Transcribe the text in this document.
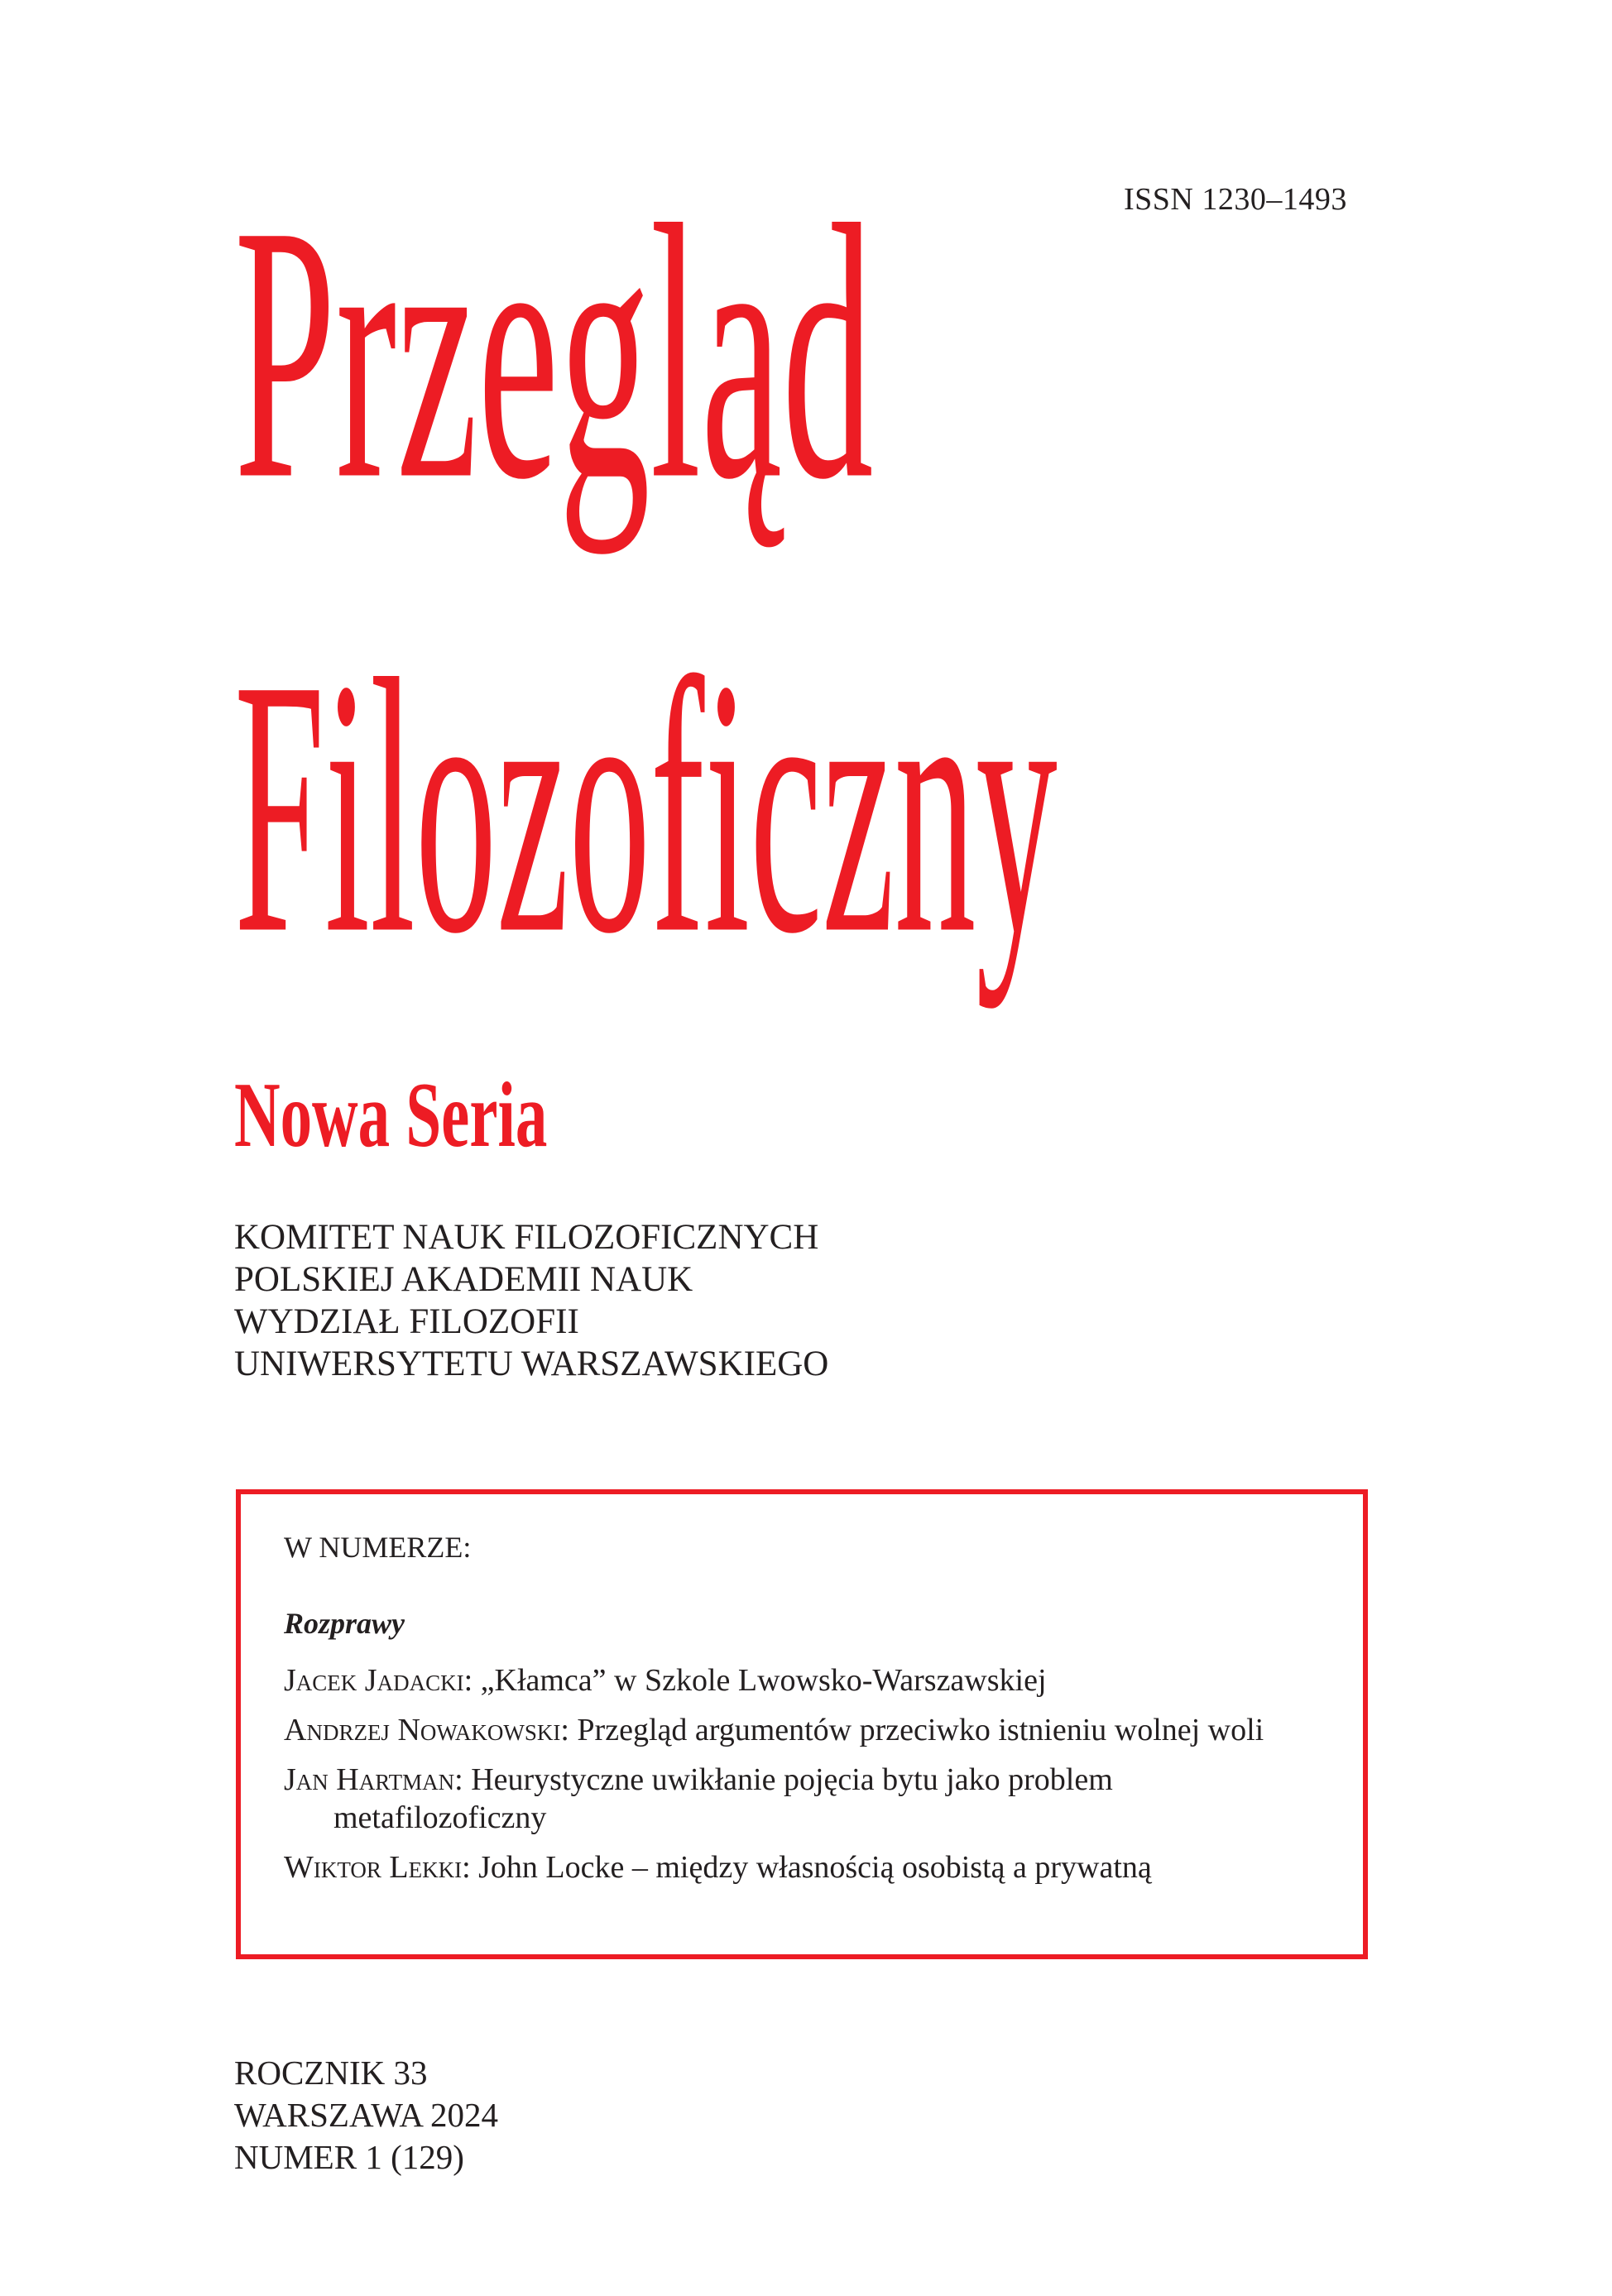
ISSN 1230–1493
Przegląd
Filozoficzny
Nowa Seria
KOMITET NAUK FILOZOFICZNYCH
POLSKIEJ AKADEMII NAUK
WYDZIAŁ FILOZOFII
UNIWERSYTETU WARSZAWSKIEGO
W NUMERZE:
Rozprawy
Jacek Jadacki: „Kłamca” w Szkole Lwowsko-Warszawskiej
Andrzej Nowakowski: Przegląd argumentów przeciwko istnieniu wolnej woli
Jan Hartman: Heurystyczne uwikłanie pojęcia bytu jako problem metafilozoficzny
Wiktor Lekki: John Locke – między własnością osobistą a prywatną
ROCZNIK 33
WARSZAWA 2024
NUMER 1 (129)
